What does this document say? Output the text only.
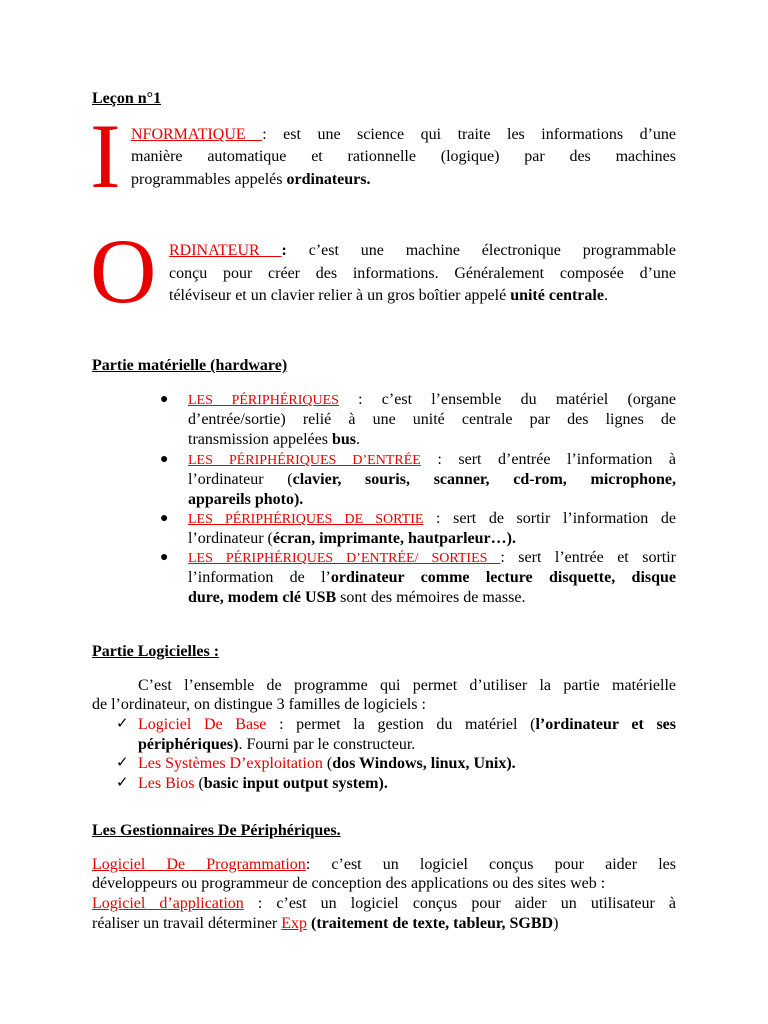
Leçon n°1
I NFORMATIQUE : est une science qui traite les informations d’une
manière automatique et rationnelle (logique) par des machines
programmables appelés ordinateurs.
O RDINATEUR : c’est une machine électronique programmable
conçu pour créer des informations. Généralement composée d’une
téléviseur et un clavier relier à un gros boîtier appelé unité centrale.
Partie matérielle (hardware)
● LES PÉRIPHÉRIQUES : c’est l’ensemble du matériel (organe
d’entrée/sortie) relié à une unité centrale par des lignes de
transmission appelées bus.
● LES PÉRIPHÉRIQUES D’ENTRÉE : sert d’entrée l’information à
l’ordinateur (clavier, souris, scanner, cd-rom, microphone,
appareils photo).
● LES PÉRIPHÉRIQUES DE SORTIE : sert de sortir l’information de
l’ordinateur (écran, imprimante, hautparleur…).
● LES PÉRIPHÉRIQUES D’ENTRÉE/ SORTIES : sert l’entrée et sortir
l’information de l’ordinateur comme lecture disquette, disque
dure, modem clé USB sont des mémoires de masse.
Partie Logicielles :
C’est l’ensemble de programme qui permet d’utiliser la partie matérielle
de l’ordinateur, on distingue 3 familles de logiciels :
✓ Logiciel De Base : permet la gestion du matériel (l’ordinateur et ses
périphériques). Fourni par le constructeur.
✓ Les Systèmes D’exploitation (dos Windows, linux, Unix).
✓ Les Bios (basic input output system).
Les Gestionnaires De Périphériques.
Logiciel De Programmation: c’est un logiciel conçus pour aider les
développeurs ou programmeur de conception des applications ou des sites web :
Logiciel d’application : c’est un logiciel conçus pour aider un utilisateur à
réaliser un travail déterminer Exp (traitement de texte, tableur, SGBD)
